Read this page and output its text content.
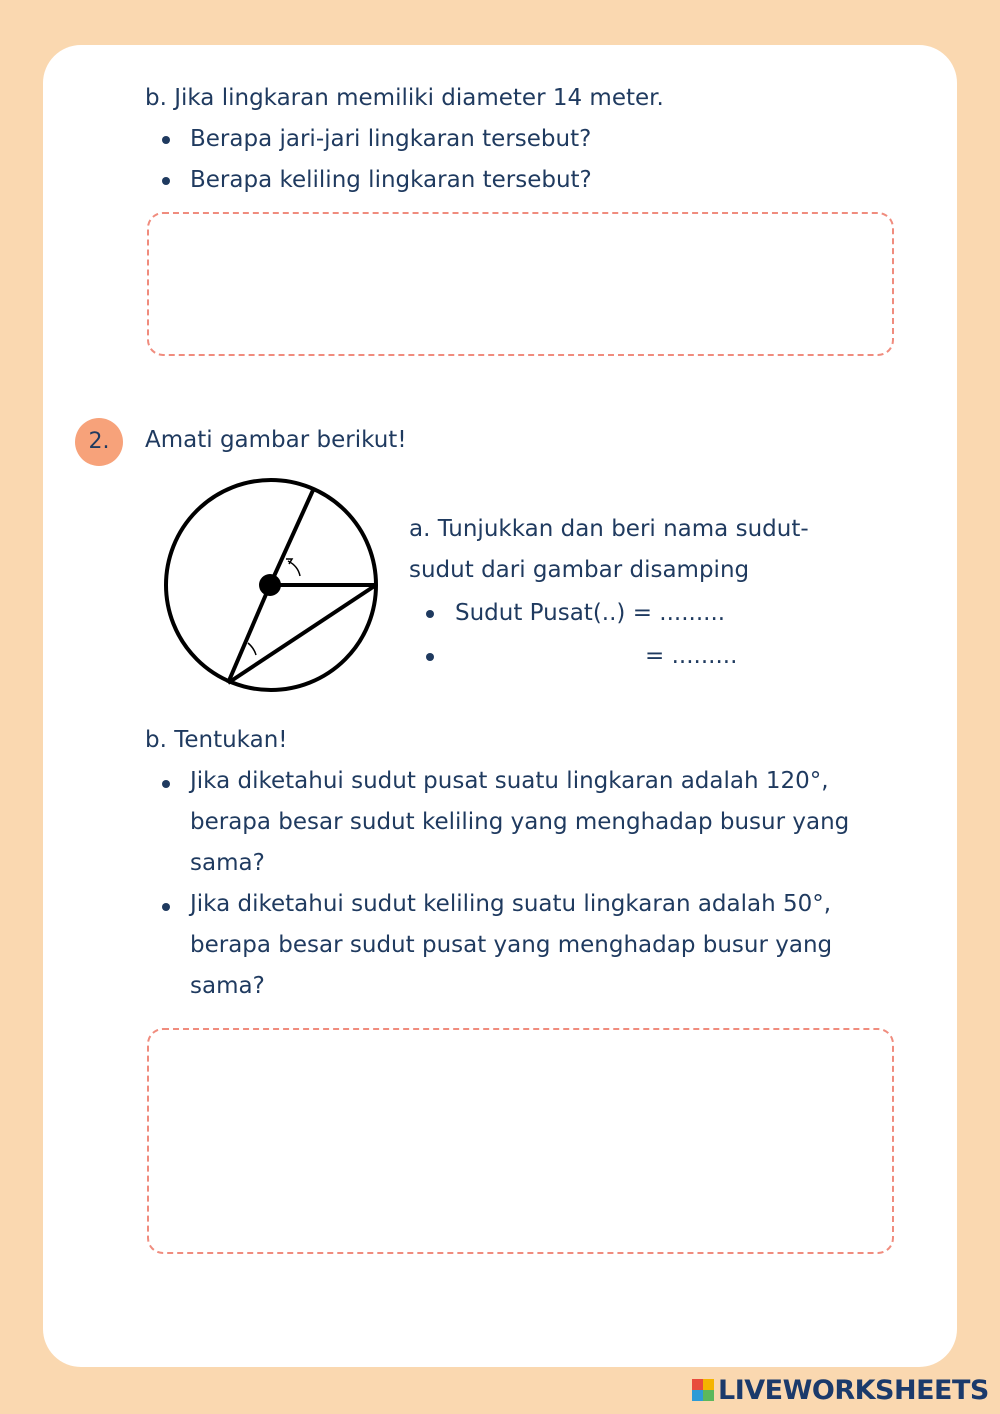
b. Jika lingkaran memiliki diameter 14 meter.
Berapa jari-jari lingkaran tersebut?
Berapa keliling lingkaran tersebut?
2.	Amati gambar berikut!
a. Tunjukkan dan beri nama sudut-
sudut dari gambar disamping
Sudut Pusat(..) = .........
= .........
b. Tentukan!
Jika diketahui sudut pusat suatu lingkaran adalah 120°,
berapa besar sudut keliling yang menghadap busur yang
sama?
Jika diketahui sudut keliling suatu lingkaran adalah 50°,
berapa besar sudut pusat yang menghadap busur yang
sama?
LIVEWORKSHEETS
